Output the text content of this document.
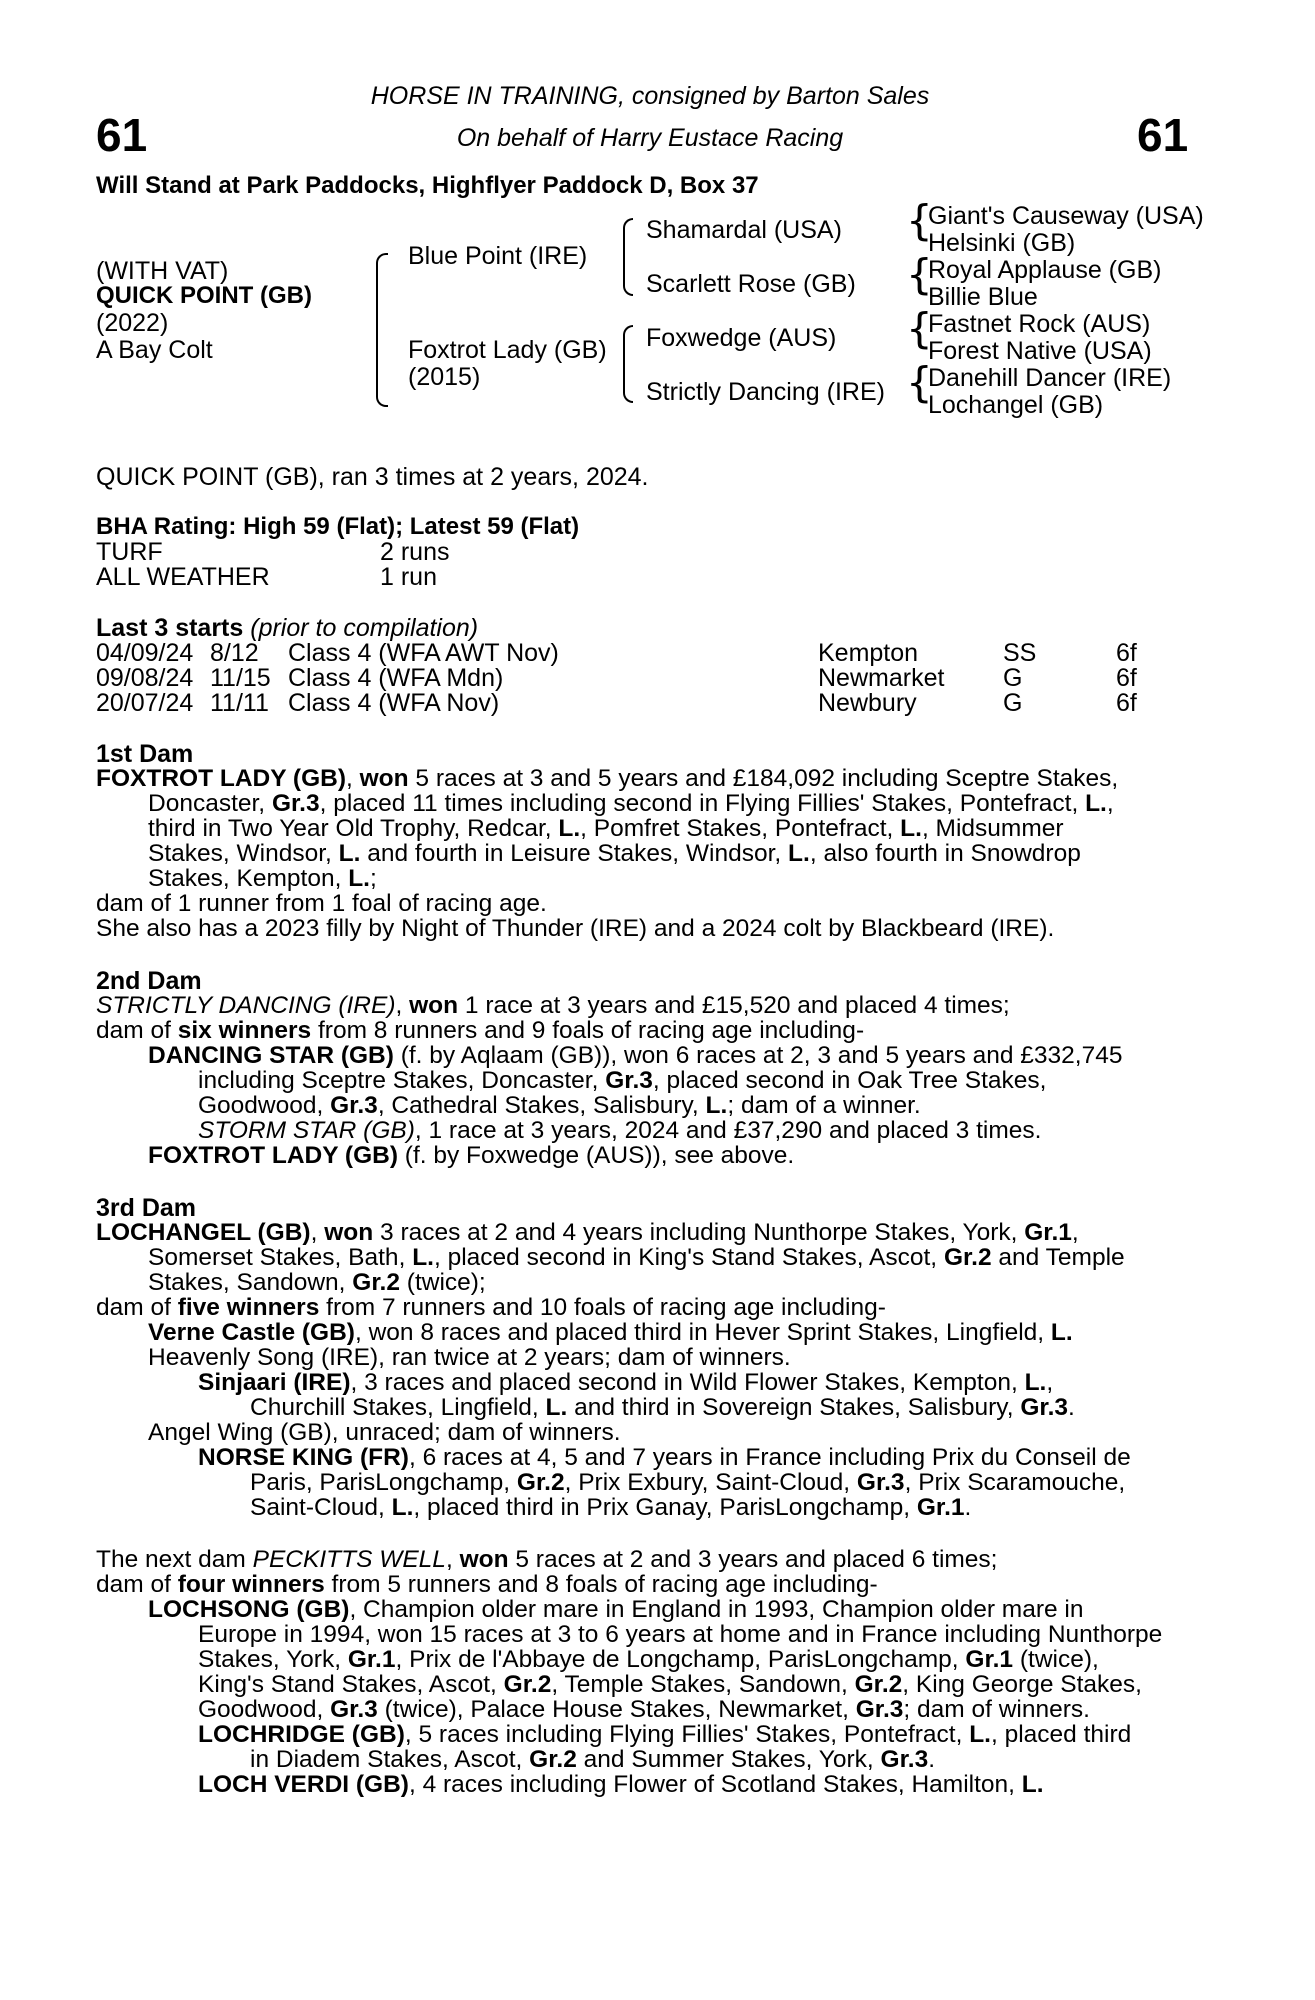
61	61
HORSE IN TRAINING, consigned by Barton Sales
On behalf of Harry Eustace Racing
Will Stand at Park Paddocks, Highflyer Paddock D, Box 37
(WITH VAT)
QUICK POINT (GB)
(2022)
A Bay Colt
{
{
{
{
Blue Point (IRE)
Foxtrot Lady (GB)
(2015)
Shamardal (USA)
Scarlett Rose (GB)
Foxwedge (AUS)
Strictly Dancing (IRE)
Giant's Causeway (USA)
Helsinki (GB)
Royal Applause (GB)
Billie Blue
Fastnet Rock (AUS)
Forest Native (USA)
Danehill Dancer (IRE)
Lochangel (GB)
QUICK POINT (GB), ran 3 times at 2 years, 2024.
BHA Rating: High 59 (Flat); Latest 59 (Flat)
TURF	2 runs
ALL WEATHER	1 run
Last 3 starts (prior to compilation)
04/09/24 8/12 Class 4 (WFA AWT Nov)	Kempton	SS	6f
09/08/24 11/15 Class 4 (WFA Mdn)	Newmarket G	6f
20/07/24 11/11 Class 4 (WFA Nov)	Newbury	G	6f
1st Dam
FOXTROT LADY (GB), won 5 races at 3 and 5 years and £184,092 including Sceptre Stakes,
Doncaster, Gr.3, placed 11 times including second in Flying Fillies' Stakes, Pontefract, L.,
third in Two Year Old Trophy, Redcar, L., Pomfret Stakes, Pontefract, L., Midsummer
Stakes, Windsor, L. and fourth in Leisure Stakes, Windsor, L., also fourth in Snowdrop
Stakes, Kempton, L.;
dam of 1 runner from 1 foal of racing age.
She also has a 2023 filly by Night of Thunder (IRE) and a 2024 colt by Blackbeard (IRE).
2nd Dam
STRICTLY DANCING (IRE), won 1 race at 3 years and £15,520 and placed 4 times;
dam of six winners from 8 runners and 9 foals of racing age including-
DANCING STAR (GB) (f. by Aqlaam (GB)), won 6 races at 2, 3 and 5 years and £332,745
including Sceptre Stakes, Doncaster, Gr.3, placed second in Oak Tree Stakes,
Goodwood, Gr.3, Cathedral Stakes, Salisbury, L.; dam of a winner.
STORM STAR (GB), 1 race at 3 years, 2024 and £37,290 and placed 3 times.
FOXTROT LADY (GB) (f. by Foxwedge (AUS)), see above.
3rd Dam
LOCHANGEL (GB), won 3 races at 2 and 4 years including Nunthorpe Stakes, York, Gr.1,
Somerset Stakes, Bath, L., placed second in King's Stand Stakes, Ascot, Gr.2 and Temple
Stakes, Sandown, Gr.2 (twice);
dam of five winners from 7 runners and 10 foals of racing age including-
Verne Castle (GB), won 8 races and placed third in Hever Sprint Stakes, Lingfield, L.
Heavenly Song (IRE), ran twice at 2 years; dam of winners.
Sinjaari (IRE), 3 races and placed second in Wild Flower Stakes, Kempton, L.,
Churchill Stakes, Lingfield, L. and third in Sovereign Stakes, Salisbury, Gr.3.
Angel Wing (GB), unraced; dam of winners.
NORSE KING (FR), 6 races at 4, 5 and 7 years in France including Prix du Conseil de
Paris, ParisLongchamp, Gr.2, Prix Exbury, Saint-Cloud, Gr.3, Prix Scaramouche,
Saint-Cloud, L., placed third in Prix Ganay, ParisLongchamp, Gr.1.
The next dam PECKITTS WELL, won 5 races at 2 and 3 years and placed 6 times;
dam of four winners from 5 runners and 8 foals of racing age including-
LOCHSONG (GB), Champion older mare in England in 1993, Champion older mare in
Europe in 1994, won 15 races at 3 to 6 years at home and in France including Nunthorpe
Stakes, York, Gr.1, Prix de l'Abbaye de Longchamp, ParisLongchamp, Gr.1 (twice),
King's Stand Stakes, Ascot, Gr.2, Temple Stakes, Sandown, Gr.2, King George Stakes,
Goodwood, Gr.3 (twice), Palace House Stakes, Newmarket, Gr.3; dam of winners.
LOCHRIDGE (GB), 5 races including Flying Fillies' Stakes, Pontefract, L., placed third
in Diadem Stakes, Ascot, Gr.2 and Summer Stakes, York, Gr.3.
LOCH VERDI (GB), 4 races including Flower of Scotland Stakes, Hamilton, L.
